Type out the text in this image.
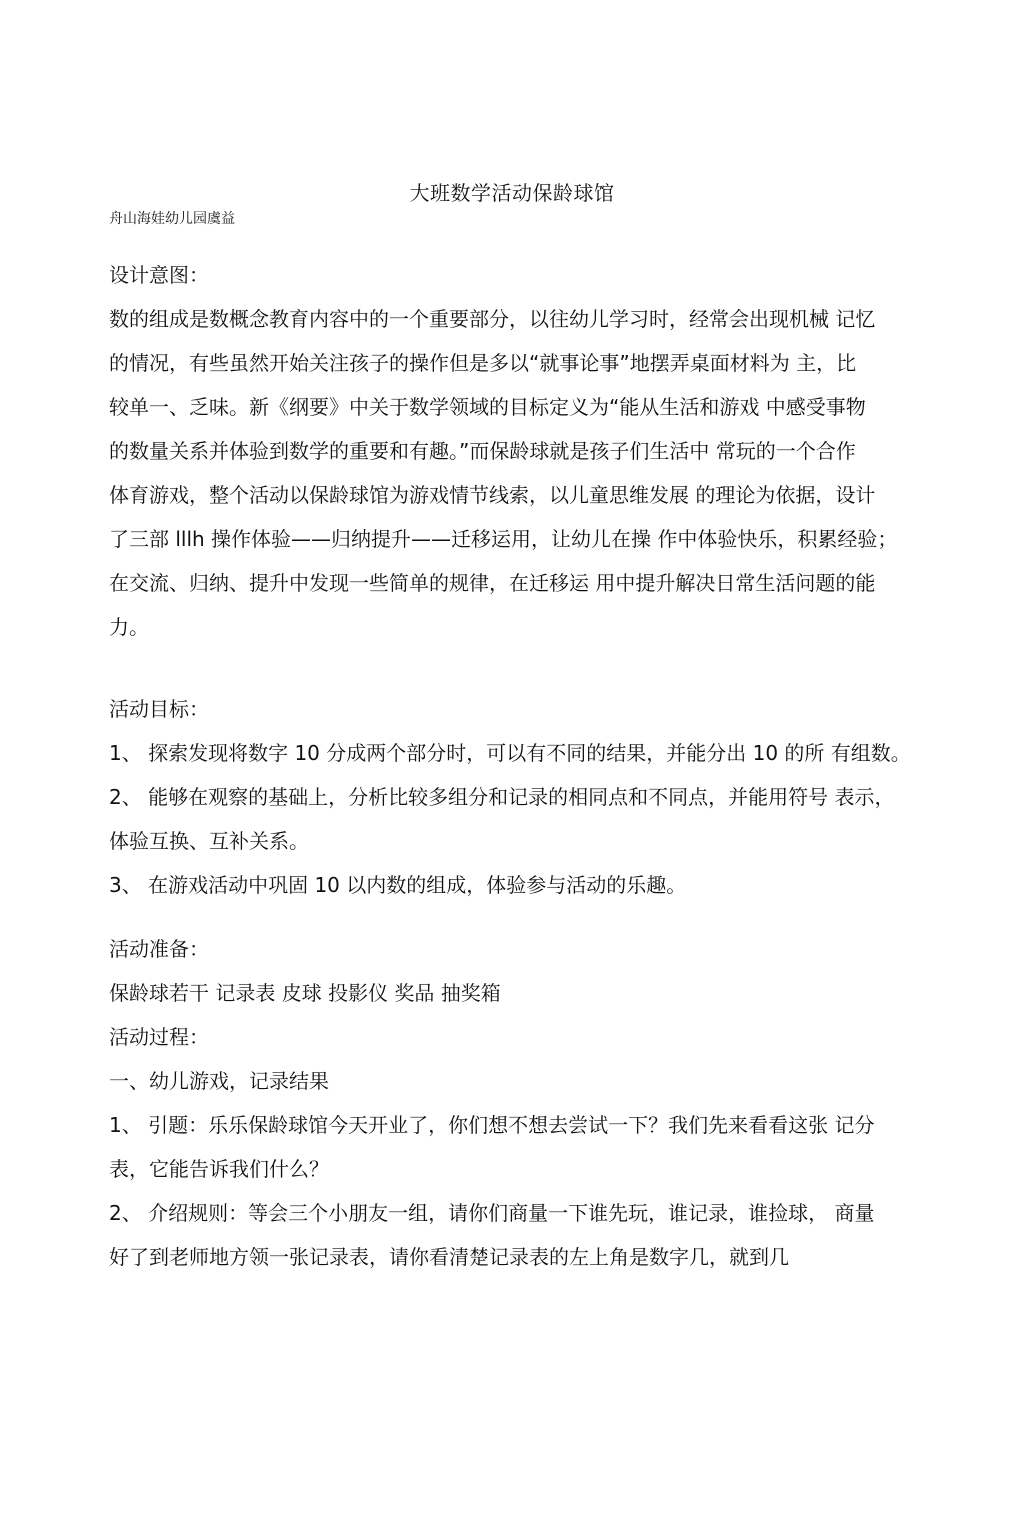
大班数学活动保龄球馆
舟山海娃幼儿园虞益
设计意图：
数的组成是数概念教育内容中的一个重要部分，以往幼儿学习时，经常会出现机械 记忆
的情况，有些虽然开始关注孩子的操作但是多以“就事论事”地摆弄桌面材料为 主，比
较单一、乏味。新《纲要》中关于数学领域的目标定义为“能从生活和游戏 中感受事物
的数量关系并体验到数学的重要和有趣。”而保龄球就是孩子们生活中 常玩的一个合作
体育游戏，整个活动以保龄球馆为游戏情节线索，以儿童思维发展 的理论为依据，设计
了三部 lllh 操作体验——归纳提升——迁移运用，让幼儿在操 作中体验快乐，积累经验；
在交流、归纳、提升中发现一些简单的规律，在迁移运 用中提升解决日常生活问题的能
力。
活动目标：
1、 探索发现将数字 10 分成两个部分时，可以有不同的结果，并能分出 10 的所 有组数。
2、 能够在观察的基础上，分析比较多组分和记录的相同点和不同点，并能用符号 表示，
体验互换、互补关系。
3、 在游戏活动中巩固 10 以内数的组成，体验参与活动的乐趣。
活动准备：
保龄球若干 记录表 皮球 投影仪 奖品 抽奖箱
活动过程：
一、幼儿游戏，记录结果
1、 引题：乐乐保龄球馆今天开业了，你们想不想去尝试一下？我们先来看看这张 记分
表，它能告诉我们什么？
2、 介绍规则：等会三个小朋友一组，请你们商量一下谁先玩，谁记录，谁捡球， 商量
好了到老师地方领一张记录表，请你看清楚记录表的左上角是数字几，就到几
